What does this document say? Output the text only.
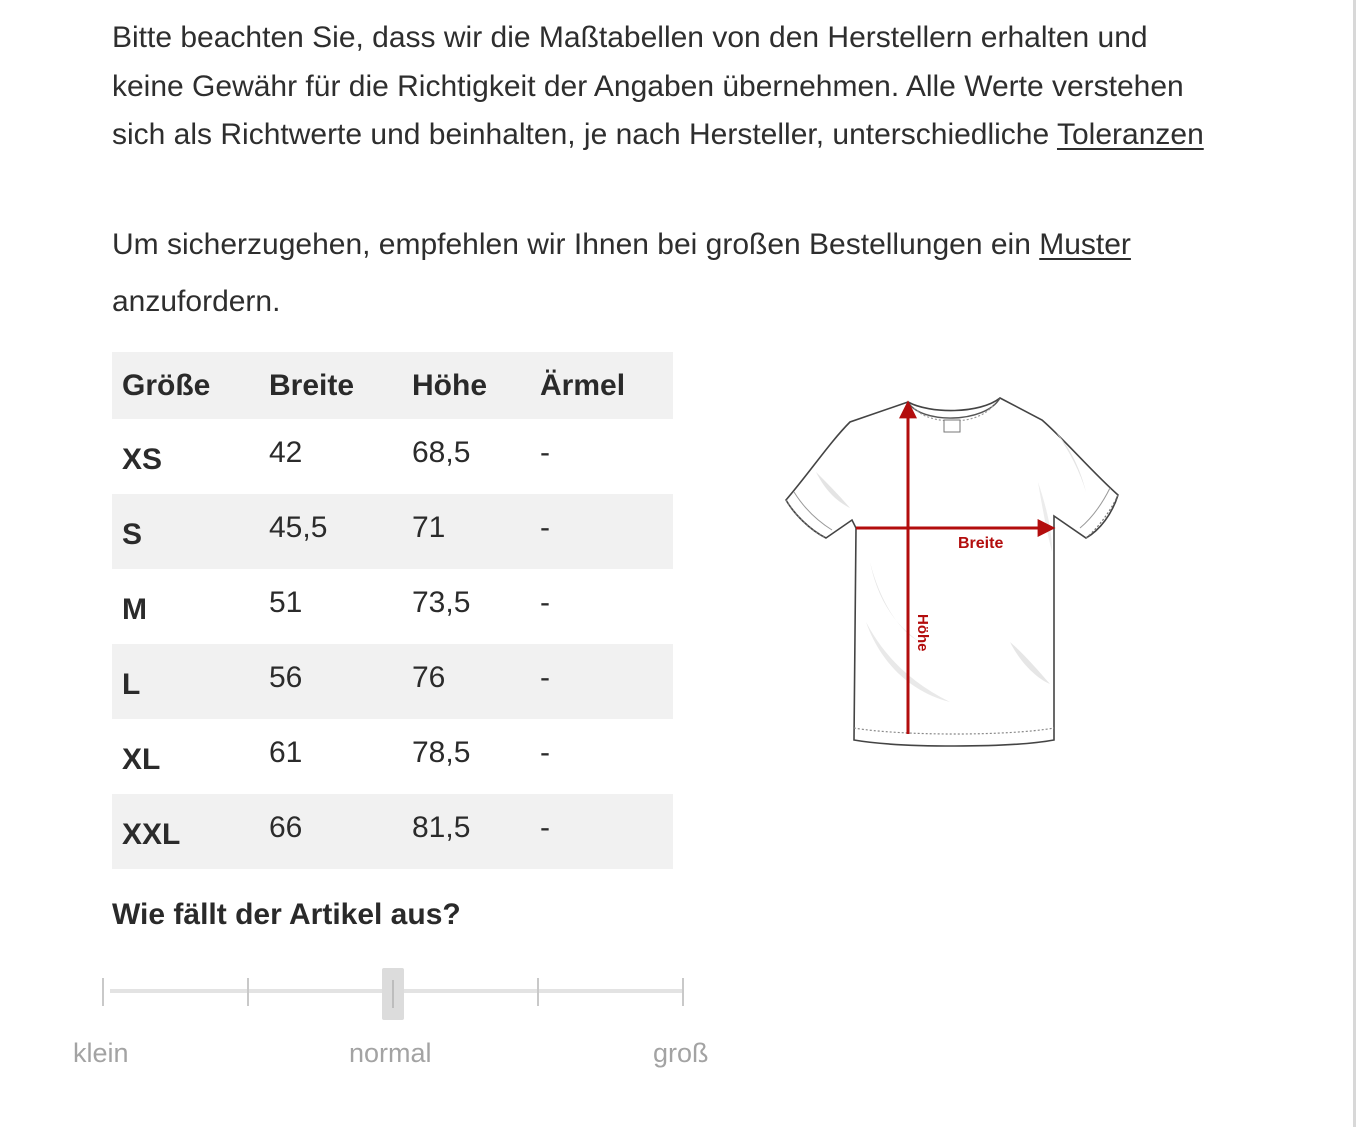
Bitte beachten Sie, dass wir die Maßtabellen von den Herstellern erhalten und keine Gewähr für die Richtigkeit der Angaben übernehmen. Alle Werte verstehen sich als Richtwerte und beinhalten, je nach Hersteller, unterschiedliche Toleranzen

Um sicherzugehen, empfehlen wir Ihnen bei großen Bestellungen ein Muster
anzufordern.

Größe	Breite	Höhe	Ärmel
XS	42	68,5	-
S	45,5	71	-
M	51	73,5	-
L	56	76	-
XL	61	78,5	-
XXL	66	81,5	-
Breite
Höhe
Wie fällt der Artikel aus?
klein	normal	groß
